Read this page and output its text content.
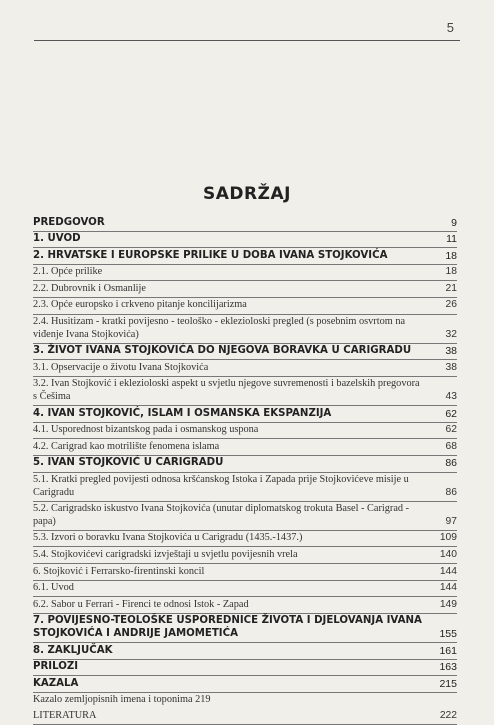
5
SADRŽAJ
PREDGOVOR	9
1. UVOD	11
2. HRVATSKE I EUROPSKE PRILIKE U DOBA IVANA STOJKOVIĆA	18
2.1. Opće prilike	18
2.2. Dubrovnik i Osmanlije	21
2.3. Opće europsko i crkveno pitanje koncilijarizma	26
2.4. Husitizam - kratki povijesno - teološko - eklezioloski pregled (s posebnim osvrtom na viđenje Ivana Stojkovića)	32
3. ŽIVOT IVANA STOJKOVIĆA DO NJEGOVA BORAVKA U CARIGRADU	38
3.1. Opservacije o životu Ivana Stojkovića	38
3.2. Ivan Stojković i eklezioloski aspekt u svjetlu njegove suvremenosti i bazelskih pregovora s Češima	43
4. IVAN STOJKOVIĆ, ISLAM I OSMANSKA EKSPANZIJA	62
4.1. Usporednost bizantskog pada i osmanskog uspona	62
4.2. Carigrad kao motrilište fenomena islama	68
5. IVAN STOJKOVIĆ U CARIGRADU	86
5.1. Kratki pregled povijesti odnosa kršćanskog Istoka i Zapada prije Stojkovićeve misije u Carigradu	86
5.2. Carigradsko iskustvo Ivana Stojkovića (unutar diplomatskog trokuta Basel - Carigrad - papa)	97
5.3. Izvori o boravku Ivana Stojkovića u Carigradu (1435.-1437.)	109
5.4. Stojkovićevi carigradski izvještaji u svjetlu povijesnih vrela	140
6. Stojković i Ferrarsko-firentinski koncil	144
6.1. Uvod	144
6.2. Sabor u Ferrari - Firenci te odnosi Istok - Zapad	149
7. POVIJESNO-TEOLOŠKE USPOREDNICE ŽIVOTA I DJELOVANJA IVANA STOJKOVIĆA I ANDRIJE JAMOMETIĆA	155
8. ZAKLJUČAK	161
PRILOZI	163
KAZALA	215
Kazalo zemljopisnih imena i toponima 219
LITERATURA	222
